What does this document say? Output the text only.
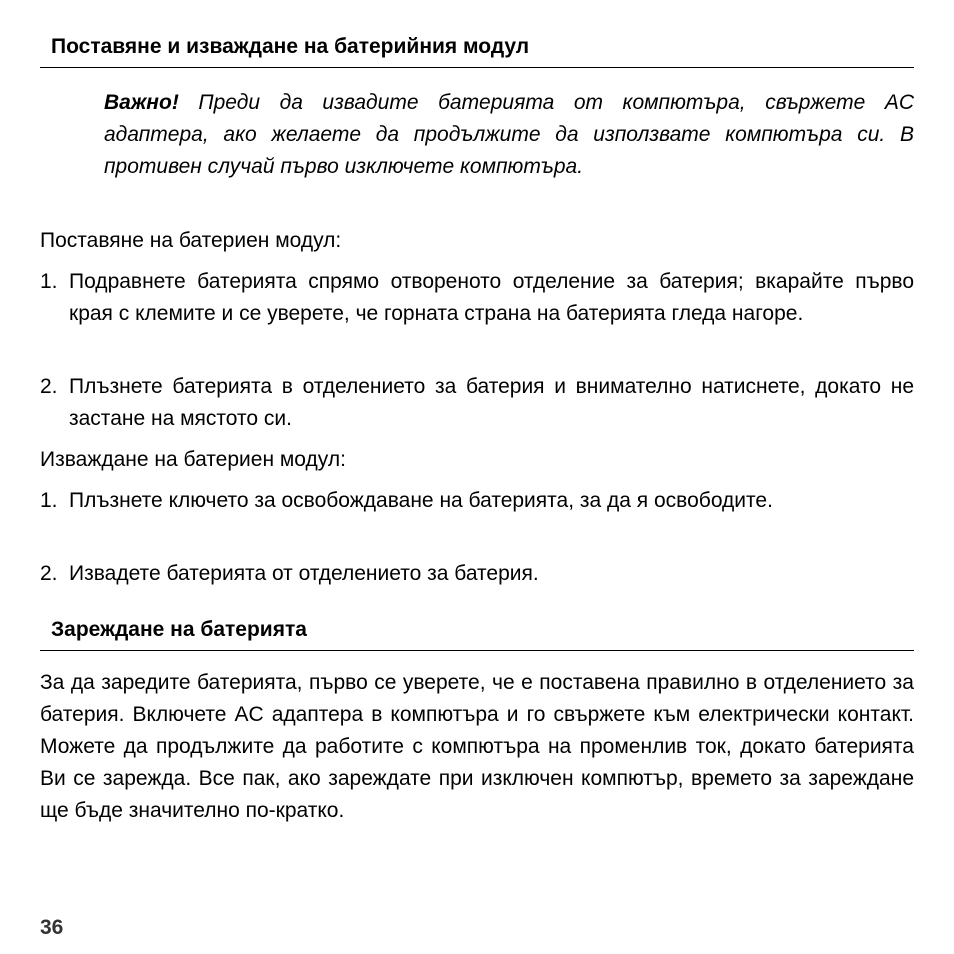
Поставяне и изваждане на батерийния модул

Важно! Преди да извадите батерията от компютъра, свържете AC адаптера, ако желаете да продължите да използвате компютъра си. В противен случай първо изключете компютъра.

Поставяне на батериен модул:

1. Подравнете батерията спрямо отвореното отделение за батерия; вкарайте първо края с клемите и се уверете, че горната страна на батерията гледа нагоре.
2. Плъзнете батерията в отделението за батерия и внимателно натиснете, докато не застане на мястото си.

Изваждане на батериен модул:

1. Плъзнете ключето за освобождаване на батерията, за да я освободите.
2. Извадете батерията от отделението за батерия.
Зареждане на батерията

За да заредите батерията, първо се уверете, че е поставена правилно в отделението за батерия. Включете AC адаптера в компютъра и го свържете към електрически контакт. Можете да продължите да работите с компютъра на променлив ток, докато батерията Ви се зарежда. Все пак, ако зареждате при изключен компютър, времето за зареждане ще бъде значително по-кратко.

36
